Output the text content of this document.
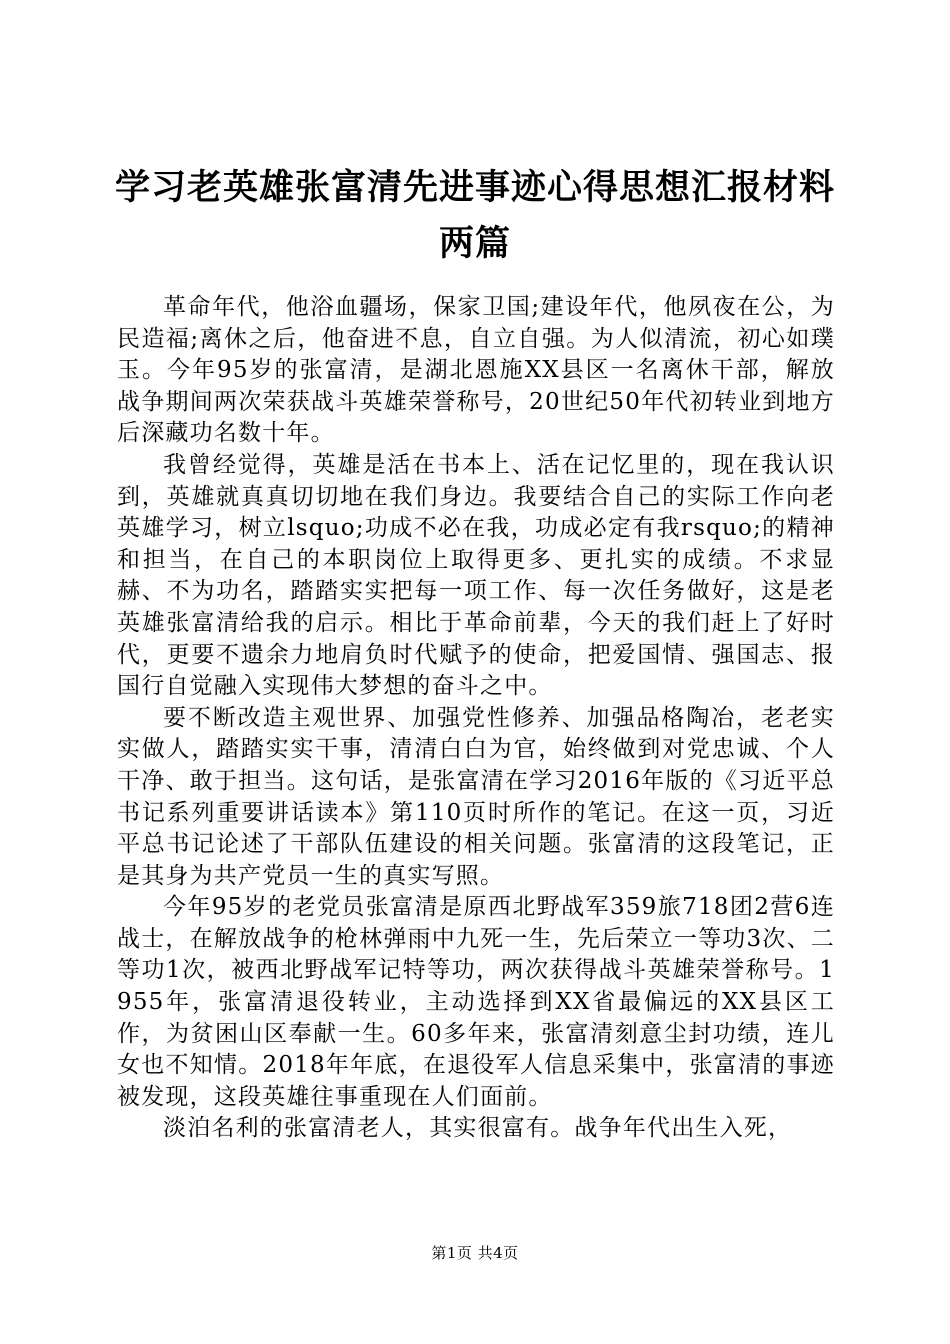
学习老英雄张富清先进事迹心得思想汇报材料两篇

革命年代，他浴血疆场，保家卫国;建设年代，他夙夜在公，为民造福;离休之后，他奋进不息，自立自强。为人似清流，初心如璞玉。今年95岁的张富清，是湖北恩施XX县区一名离休干部，解放战争期间两次荣获战斗英雄荣誉称号，20世纪50年代初转业到地方后深藏功名数十年。

我曾经觉得，英雄是活在书本上、活在记忆里的，现在我认识到，英雄就真真切切地在我们身边。我要结合自己的实际工作向老英雄学习，树立lsquo;功成不必在我，功成必定有我rsquo;的精神和担当，在自己的本职岗位上取得更多、更扎实的成绩。不求显赫、不为功名，踏踏实实把每一项工作、每一次任务做好，这是老英雄张富清给我的启示。相比于革命前辈，今天的我们赶上了好时代，更要不遗余力地肩负时代赋予的使命，把爱国情、强国志、报国行自觉融入实现伟大梦想的奋斗之中。

要不断改造主观世界、加强党性修养、加强品格陶冶，老老实实做人，踏踏实实干事，清清白白为官，始终做到对党忠诚、个人干净、敢于担当。这句话，是张富清在学习2016年版的《习近平总书记系列重要讲话读本》第110页时所作的笔记。在这一页，习近平总书记论述了干部队伍建设的相关问题。张富清的这段笔记，正是其身为共产党员一生的真实写照。

今年95岁的老党员张富清是原西北野战军359旅718团2营6连战士，在解放战争的枪林弹雨中九死一生，先后荣立一等功3次、二等功1次，被西北野战军记特等功，两次获得战斗英雄荣誉称号。1955年，张富清退役转业，主动选择到XX省最偏远的XX县区工作，为贫困山区奉献一生。60多年来，张富清刻意尘封功绩，连儿女也不知情。2018年年底，在退役军人信息采集中，张富清的事迹被发现，这段英雄往事重现在人们面前。

淡泊名利的张富清老人，其实很富有。战争年代出生入死，

第1页 共4页
